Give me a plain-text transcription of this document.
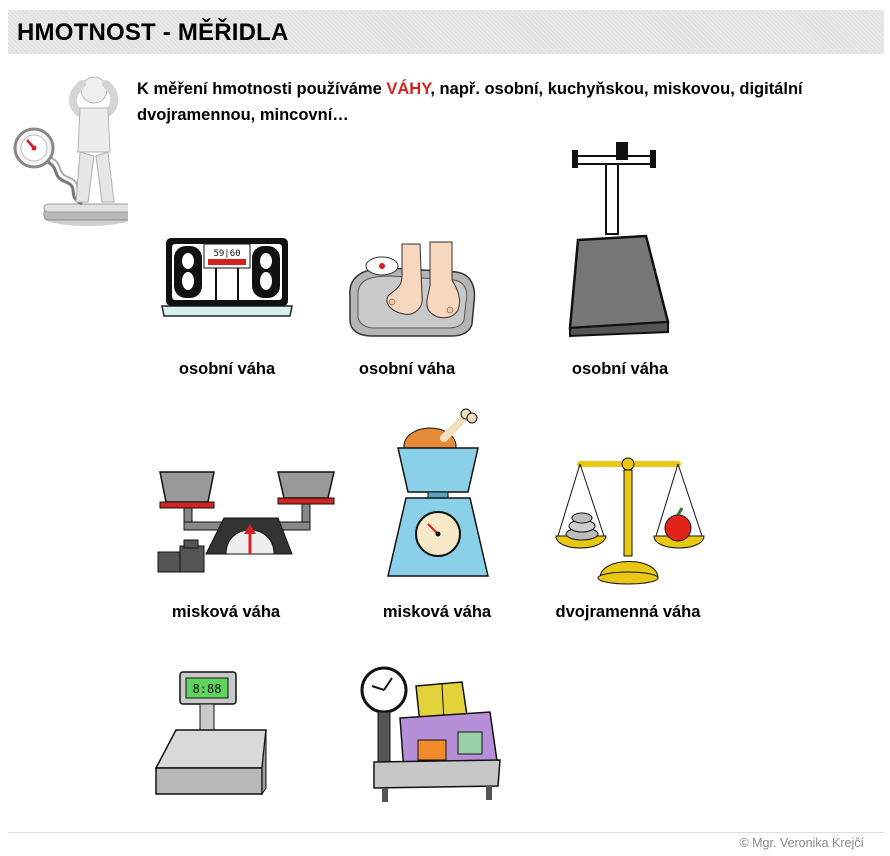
HMOTNOST - MĚŘIDLA
K měření hmotnosti používáme VÁHY, např. osobní, kuchyňskou, miskovou, digitální dvojramennou, mincovní…
59|60
osobní váha	osobní váha	osobní váha
misková váha	misková váha	dvojramenná váha
8:88
© Mgr. Veronika Krejčí
